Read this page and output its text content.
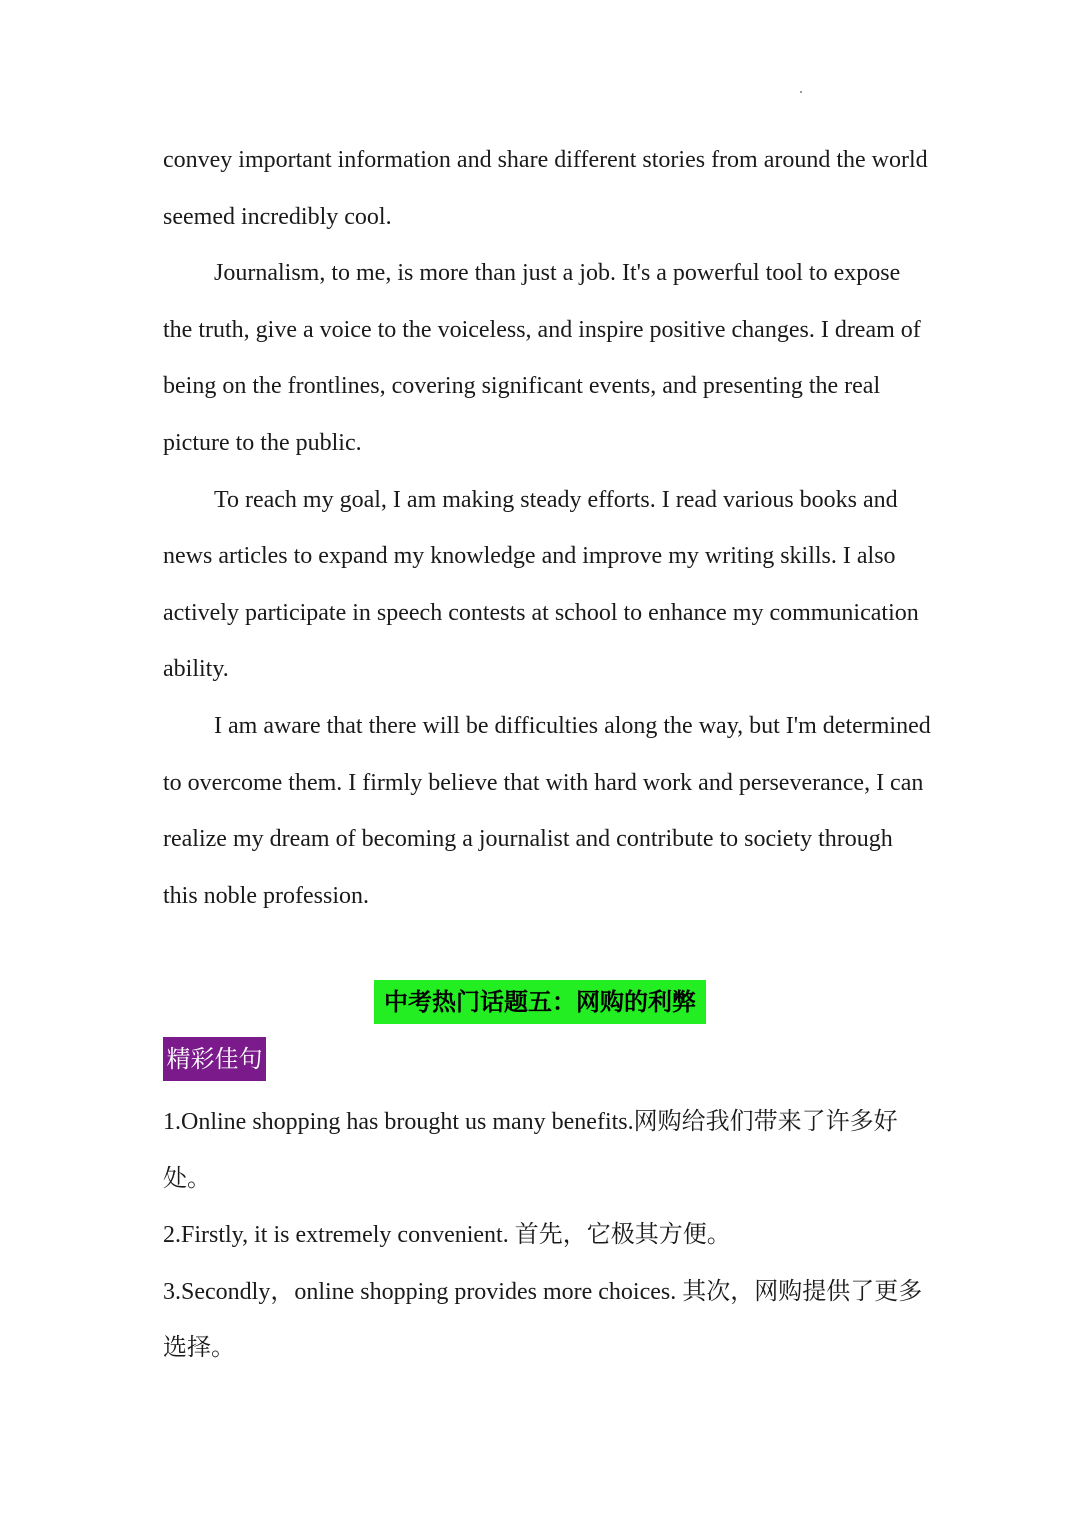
convey important information and share different stories from around the world seemed incredibly cool.

Journalism, to me, is more than just a job. It's a powerful tool to expose the truth, give a voice to the voiceless, and inspire positive changes. I dream of being on the frontlines, covering significant events, and presenting the real picture to the public.

To reach my goal, I am making steady efforts. I read various books and news articles to expand my knowledge and improve my writing skills. I also actively participate in speech contests at school to enhance my communication ability.

I am aware that there will be difficulties along the way, but I'm determined to overcome them. I firmly believe that with hard work and perseverance, I can realize my dream of becoming a journalist and contribute to society through this noble profession.

中考热门话题五：网购的利弊
精彩佳句

1.Online shopping has brought us many benefits.网购给我们带来了许多好处。

2.Firstly, it is extremely convenient. 首先，它极其方便。

3.Secondly，online shopping provides more choices. 其次，网购提供了更多选择。
